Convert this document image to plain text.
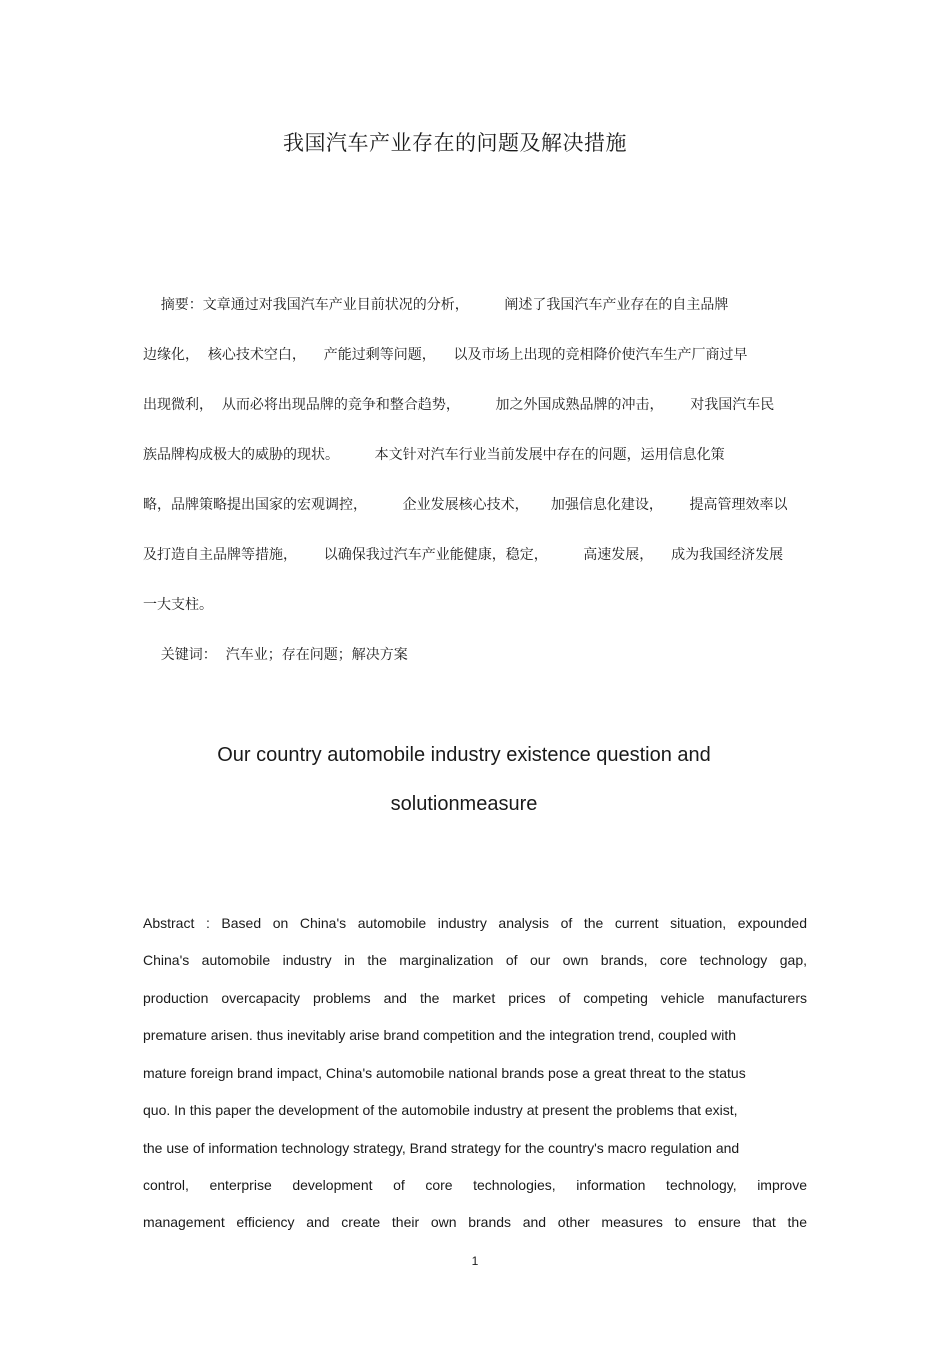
我国汽车产业存在的问题及解决措施
摘要：文章通过对我国汽车产业目前状况的分析，        阐述了我国汽车产业存在的自主品牌
边缘化，  核心技术空白，    产能过剩等问题，    以及市场上出现的竞相降价使汽车生产厂商过早
出现微利，  从而必将出现品牌的竞争和整合趋势，        加之外国成熟品牌的冲击，      对我国汽车民
族品牌构成极大的威胁的现状。        本文针对汽车行业当前发展中存在的问题，运用信息化策
略，品牌策略提出国家的宏观调控，        企业发展核心技术，     加强信息化建设，      提高管理效率以
及打造自主品牌等措施，      以确保我过汽车产业能健康，稳定，        高速发展，    成为我国经济发展
一大支柱。
关键词：  汽车业；存在问题；解决方案
Our country automobile industry existence question and
solutionmeasure
Abstract : Based on China's automobile industry analysis of the current situation, expounded
China's automobile industry in the marginalization of our own brands, core technology gap,
production overcapacity problems and the market prices of competing vehicle manufacturers
premature arisen. thus inevitably arise brand competition and the integration trend, coupled with
mature foreign brand impact, China's automobile national brands pose a great threat to the status
quo. In this paper the development of the automobile industry at present the problems that exist,
the use of information technology strategy, Brand strategy for the country's macro regulation and
control, enterprise development of core technologies, information technology, improve
management efficiency and create their own brands and other measures to ensure that the
1
